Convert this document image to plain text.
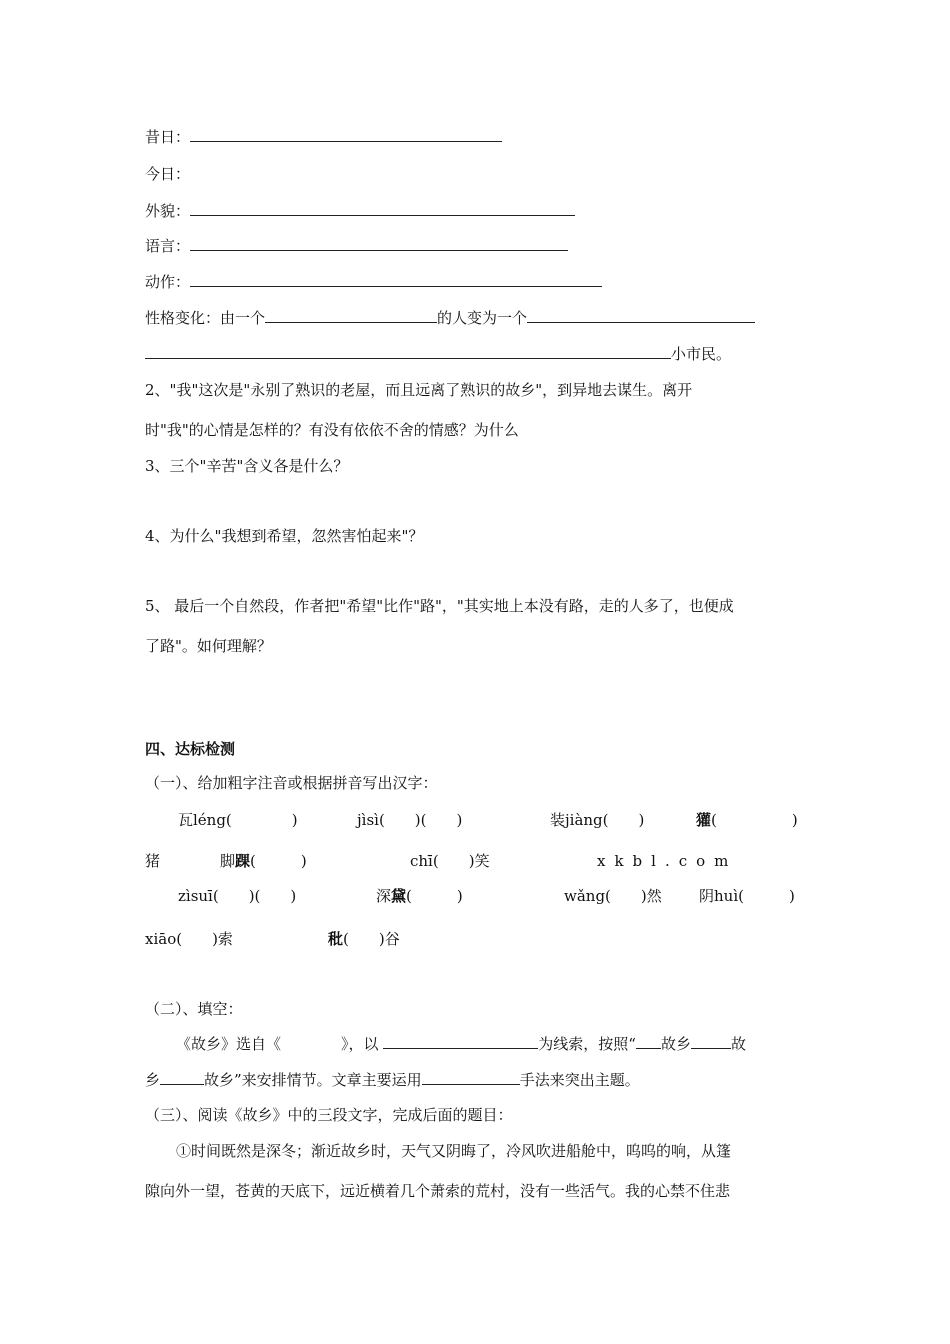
昔日：
今日：
外貌：
语言：
动作：
性格变化：由一个	的人变为一个
小市民。
2、"我"这次是"永别了熟识的老屋，而且远离了熟识的故乡"，到异地去谋生。离开
时"我"的心情是怎样的？有没有依依不舍的情感？为什么
3、三个"辛苦"含义各是什么？
4、为什么"我想到希望，忽然害怕起来"？
5、 最后一个自然段，作者把"希望"比作"路"，"其实地上本没有路，走的人多了，也便成
了路"。如何理解？
四、达标检测
（一）、给加粗字注音或根据拼音写出汉字：
瓦léng(　　　　)	jìsì(　　)(　　)	装jiàng(　　)	獾(　　　　　)
猪	脚踝(　　　)	chī(　　)笑	xkbl.com
zìsuī(　　)(　　)	深黛(　　　)	wǎng(　　)然 阴huì(　　　)
xiāo(　　)索	秕(　　)谷
（二）、填空：
《故乡》选自《　　　　》，以	为线索，按照“ 故乡	故
乡	故乡”来安排情节。文章主要运用	手法来突出主题。
（三）、阅读《故乡》中的三段文字，完成后面的题目：
①时间既然是深冬；渐近故乡时，天气又阴晦了，冷风吹进船舱中，呜呜的响，从篷
隙向外一望，苍黄的天底下，远近横着几个萧索的荒村，没有一些活气。我的心禁不住悲
